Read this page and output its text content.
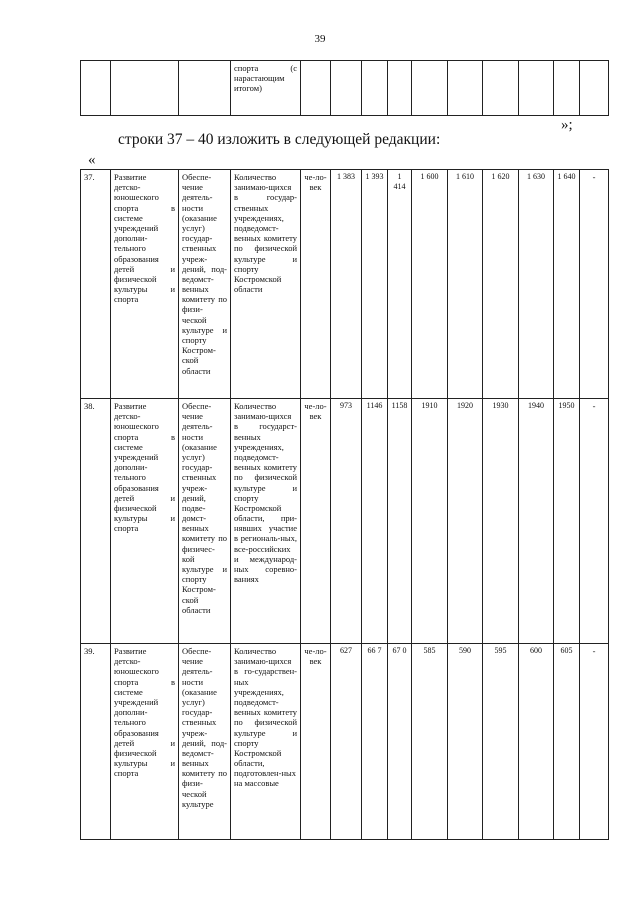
39
			спорта (с нарастающим итогом)										
»;
строки 37 – 40 изложить в следующей редакции:
«
37.	Развитие детско-юношеского спорта в системе учреждений дополни-тельного образования детей и физической культуры и спорта	Обеспе-чение деятель-ности (оказание услуг) государ-ственных учреж-дений, под-ведомст-венных комитету по физи-ческой культуре и спорту Костром-ской области	Количество занимаю-щихся в государ-ственных учреждениях, подведомст-венных комитету по физической культуре и спорту Костромской области	че-ло-век	1 383	1 393	1 414	1 600	1 610	1 620	1 630	1 640	-
38.	Развитие детско-юношеского спорта в системе учреждений дополни-тельного образования детей и физической культуры и спорта	Обеспе-чение деятель-ности (оказание услуг) государ-ственных учреж-дений, подве-домст-венных комитету по физичес-кой культуре и спорту Костром-ской области	Количество занимаю-щихся в государст-венных учреждениях, подведомст-венных комитету по физической культуре и спорту Костромской области, при-нявших участие в региональ-ных, все-российских и международ-ных соревно-ваниях	че-ло-век	973	1146	1158	1910	1920	1930	1940	1950	-
39.	Развитие детско-юношеского спорта в системе учреждений дополни-тельного образования детей и физической культуры и спорта	Обеспе-чение деятель-ности (оказание услуг) государ-ственных учреж-дений, под-ведомст-венных комитету по физи-ческой культуре	Количество занимаю-щихся в го-сударствен-ных учреждениях, подведомст-венных комитету по физической культуре и спорту Костромской области, подготовлен-ных на массовые	че-ло-век	627	66 7	67 0	585	590	595	600	605	-
